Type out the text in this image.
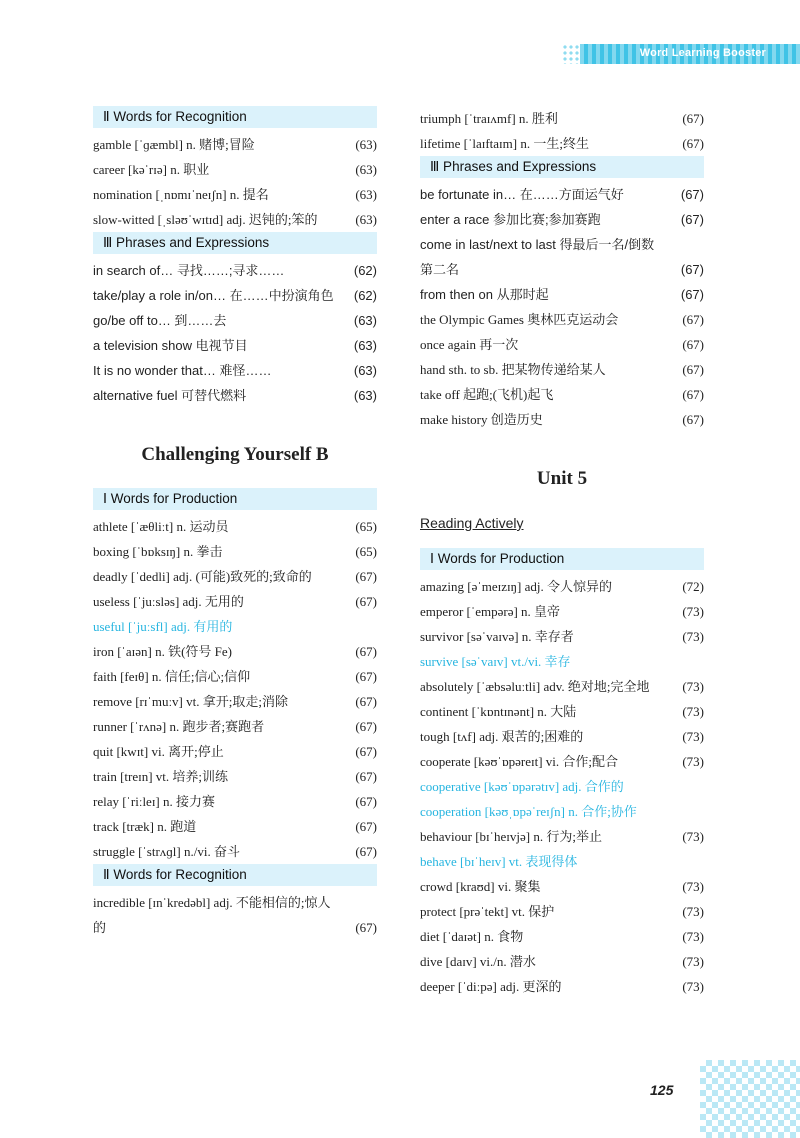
Word Learning Booster
Ⅱ Words for Recognition
gamble [ˈɡæmbl] n. 赌博;冒险	(63)
career [kəˈrɪə] n. 职业	(63)
nomination [ˌnɒmɪˈneɪʃn] n. 提名	(63)
slow-witted [ˌsləʊˈwɪtɪd] adj. 迟钝的;笨的	(63)
Ⅲ Phrases and Expressions
in search of… 寻找……;寻求……	(62)
take/play a role in/on… 在……中扮演角色	(62)
go/be off to… 到……去	(63)
a television show 电视节目	(63)
It is no wonder that… 难怪……	(63)
alternative fuel 可替代燃料	(63)
Challenging Yourself B
Ⅰ Words for Production
athlete [ˈæθliːt] n. 运动员	(65)
boxing [ˈbɒksɪŋ] n. 拳击	(65)
deadly [ˈdedli] adj. (可能)致死的;致命的	(67)
useless [ˈjuːsləs] adj. 无用的	(67)
useful [ˈjuːsfl] adj. 有用的
iron [ˈaɪən] n. 铁(符号 Fe)	(67)
faith [feɪθ] n. 信任;信心;信仰	(67)
remove [rɪˈmuːv] vt. 拿开;取走;消除	(67)
runner [ˈrʌnə] n. 跑步者;赛跑者	(67)
quit [kwɪt] vi. 离开;停止	(67)
train [treɪn] vt. 培养;训练	(67)
relay [ˈriːleɪ] n. 接力赛	(67)
track [træk] n. 跑道	(67)
struggle [ˈstrʌɡl] n./vi. 奋斗	(67)
Ⅱ Words for Recognition
incredible [ɪnˈkredəbl] adj. 不能相信的;惊人的	(67)
triumph [ˈtraɪʌmf] n. 胜利	(67)
lifetime [ˈlaɪftaɪm] n. 一生;终生	(67)
Ⅲ Phrases and Expressions
be fortunate in… 在……方面运气好	(67)
enter a race 参加比赛;参加赛跑	(67)
come in last/next to last 得最后一名/倒数第二名	(67)
from then on 从那时起	(67)
the Olympic Games 奥林匹克运动会	(67)
once again 再一次	(67)
hand sth. to sb. 把某物传递给某人	(67)
take off 起跑;(飞机)起飞	(67)
make history 创造历史	(67)
Unit 5
Reading Actively
Ⅰ Words for Production
amazing [əˈmeɪzɪŋ] adj. 令人惊异的	(72)
emperor [ˈempərə] n. 皇帝	(73)
survivor [səˈvaɪvə] n. 幸存者	(73)
survive [səˈvaɪv] vt./vi. 幸存
absolutely [ˈæbsəluːtli] adv. 绝对地;完全地	(73)
continent [ˈkɒntɪnənt] n. 大陆	(73)
tough [tʌf] adj. 艰苦的;困难的	(73)
cooperate [kəʊˈɒpəreɪt] vi. 合作;配合	(73)
cooperative [kəʊˈɒpərətɪv] adj. 合作的
cooperation [kəʊˌɒpəˈreɪʃn] n. 合作;协作
behaviour [bɪˈheɪvjə] n. 行为;举止	(73)
behave [bɪˈheɪv] vt. 表现得体
crowd [kraʊd] vi. 聚集	(73)
protect [prəˈtekt] vt. 保护	(73)
diet [ˈdaɪət] n. 食物	(73)
dive [daɪv] vi./n. 潜水	(73)
deeper [ˈdiːpə] adj. 更深的	(73)
125
